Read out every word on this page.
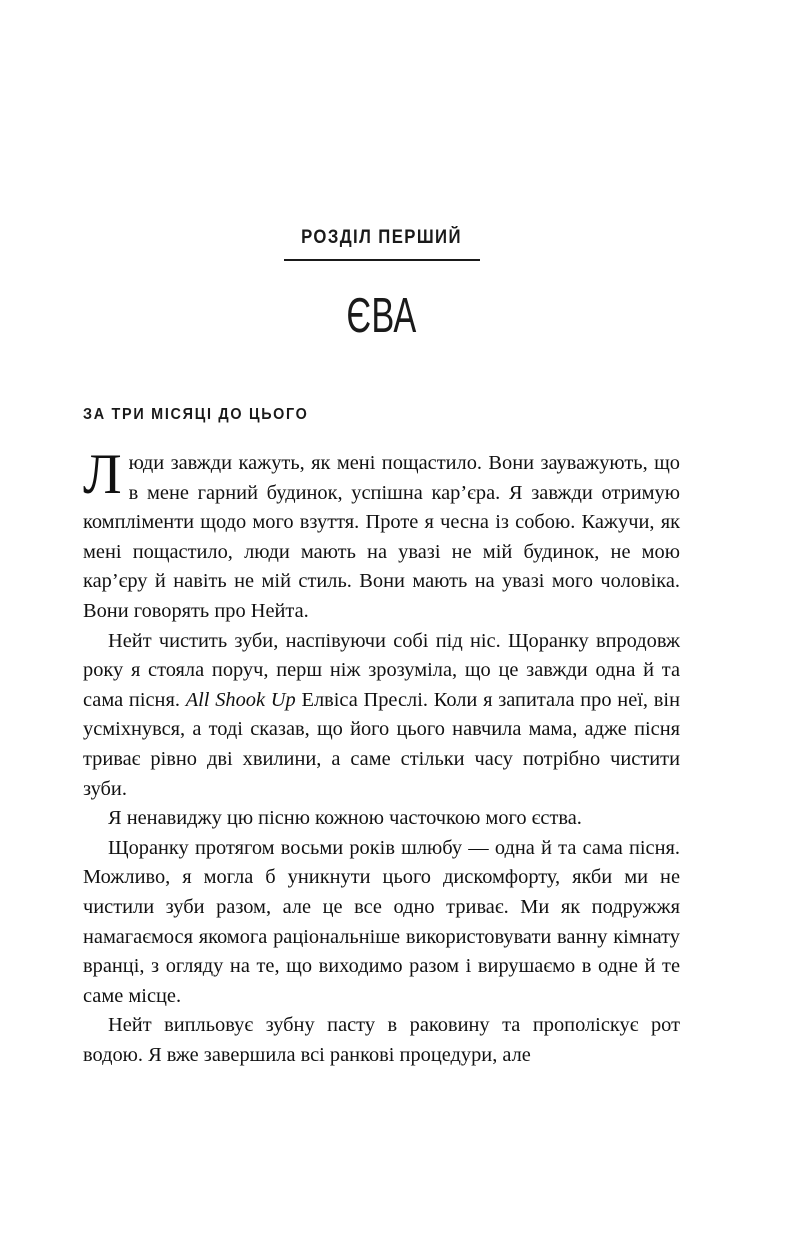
РОЗДІЛ ПЕРШИЙ
ЄВА
ЗА ТРИ МІСЯЦІ ДО ЦЬОГО

Люди завжди кажуть, як мені пощастило. Вони зауважують, що в мене гарний будинок, успішна кар’єра. Я завжди отримую компліменти щодо мого взуття. Проте я чесна із собою. Кажучи, як мені пощастило, люди мають на увазі не мій будинок, не мою кар’єру й навіть не мій стиль. Вони мають на увазі мого чоловіка. Вони говорять про Нейта.

Нейт чистить зуби, наспівуючи собі під ніс. Щоранку впродовж року я стояла поруч, перш ніж зрозуміла, що це завжди одна й та сама пісня. All Shook Up Елвіса Преслі. Коли я запитала про неї, він усміхнувся, а тоді сказав, що його цього навчила мама, адже пісня триває рівно дві хвилини, а саме стільки часу потрібно чистити зуби.

Я ненавиджу цю пісню кожною часточкою мого єства.

Щоранку протягом восьми років шлюбу — одна й та сама пісня. Можливо, я могла б уникнути цього дискомфорту, якби ми не чистили зуби разом, але це все одно триває. Ми як подружжя намагаємося якомога раціональніше використовувати ванну кімнату вранці, з огляду на те, що виходимо разом і вирушаємо в одне й те саме місце.

Нейт випльовує зубну пасту в раковину та прополіскує рот водою. Я вже завершила всі ранкові процедури, але
